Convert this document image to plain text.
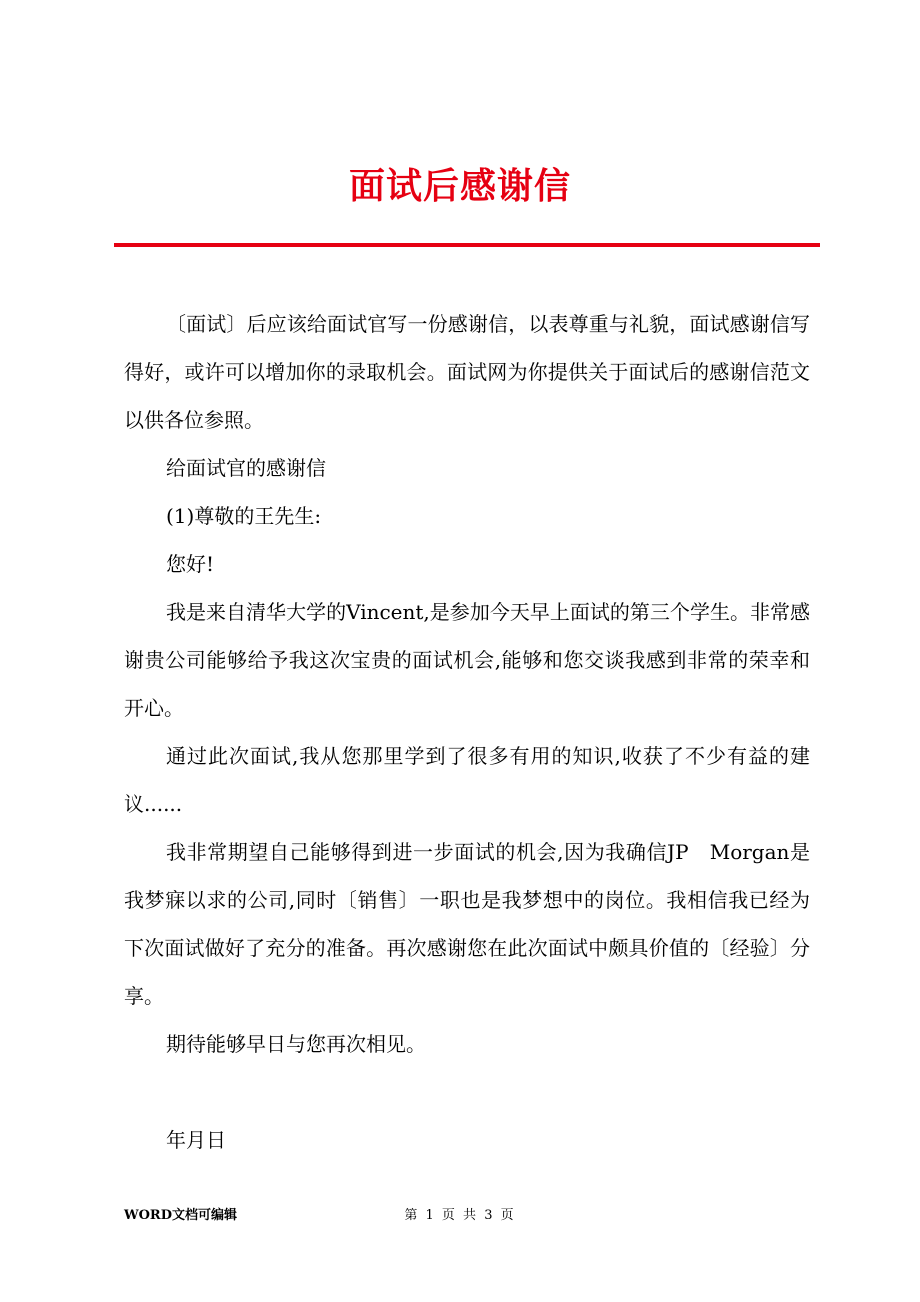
面试后感谢信

〔面试〕后应该给面试官写一份感谢信，以表尊重与礼貌，面试感谢信写得好，或许可以增加你的录取机会。面试网为你提供关于面试后的感谢信范文以供各位参照。

给面试官的感谢信

(1)尊敬的王先生:

您好!

我是来自清华大学的Vincent,是参加今天早上面试的第三个学生。非常感谢贵公司能够给予我这次宝贵的面试机会,能够和您交谈我感到非常的荣幸和开心。

通过此次面试,我从您那里学到了很多有用的知识,收获了不少有益的建议......

我非常期望自己能够得到进一步面试的机会,因为我确信JP　Morgan是我梦寐以求的公司,同时〔销售〕一职也是我梦想中的岗位。我相信我已经为下次面试做好了充分的准备。再次感谢您在此次面试中颇具价值的〔经验〕分享。

期待能够早日与您再次相见。

年月日

WORD文档可编辑	第 1 页 共 3 页
